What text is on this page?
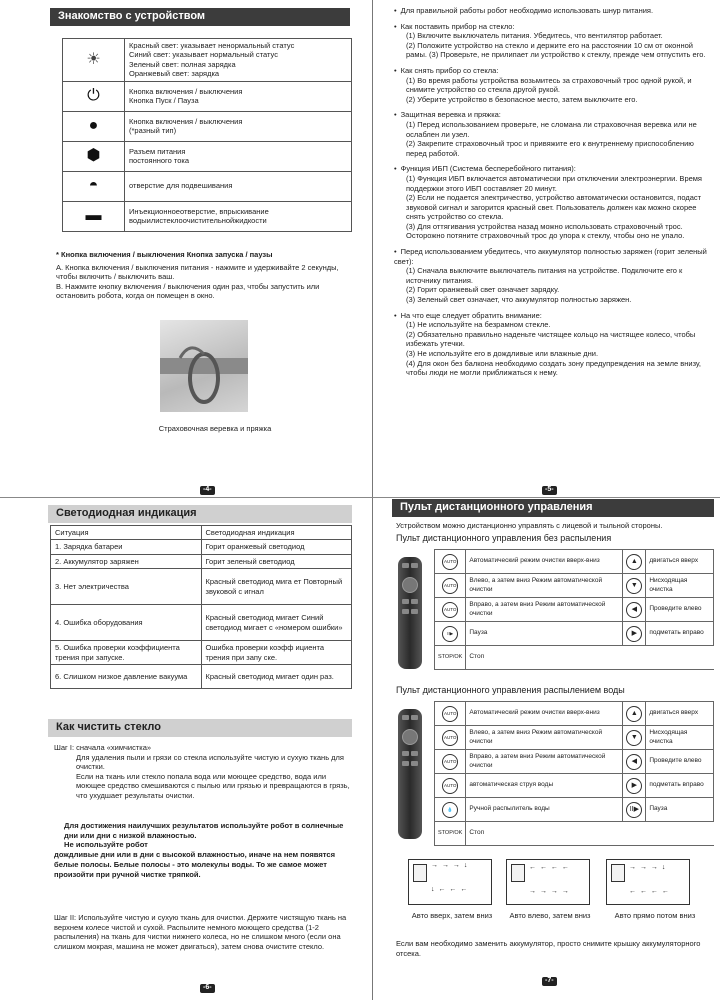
Знакомство с устройством
☀	Красный свет: указывает ненормальный статус
Синий свет: указывает нормальный статус
Зеленый свет: полная зарядка
Оранжевый свет: зарядка

⏻	Кнопка включения / выключения
Кнопка Пуск / Пауза

●	Кнопка включения / выключения
(*разный тип)

⬢	Разъем питания
постоянного тока

◓	отверстие для подвешивания

▬	Инъекционноеотверстие, впрыскивание
водыилистеклоочистительнойжидкости

* Кнопка включения / выключения Кнопка запуска / паузы

A. Кнопка включения / выключения питания - нажмите и удерживайте 2 секунды, чтобы включить / выключить ваш.

B. Нажмите кнопку включения / выключения один раз, чтобы запустить или остановить робота, когда он помещен в окно.

Страховочная веревка и пряжка
-4-

• Для правильной работы робот необходимо использовать шнур питания.

• Как поставить прибор на стекло:

(1) Включите выключатель питания. Убедитесь, что вентилятор работает.

(2) Положите устройство на стекло и держите его на расстоянии 10 см от оконной рамы. (3) Проверьте, не прилипает ли устройство к стеклу, прежде чем отпустить его.

• Как снять прибор со стекла:

(1) Во время работы устройства возьмитесь за страховочный трос одной рукой, и снимите устройство со стекла другой рукой.

(2) Уберите устройство в безопасное место, затем выключите его.

• Защитная веревка и пряжка:

(1) Перед использованием проверьте, не сломана ли страховочная веревка или не ослаблен ли узел.

(2) Закрепите страховочный трос и привяжите его к внутреннему приспособлению перед работой.

• Функция ИБП (Система бесперебойного питания):

(1) Функция ИБП включается автоматически при отключении электроэнергии. Время поддержки этого ИБП составляет 20 минут.

(2) Если не подается электричество, устройство автоматически остановится, подаст звуковой сигнал и загорится красный свет. Пользователь должен как можно скорее снять устройство со стекла.

(3) Для оттягивания устройства назад можно использовать страховочный трос. Осторожно потяните страховочный трос до упора к стеклу, чтобы оно не упало.

• Перед использованием убедитесь, что аккумулятор полностью заряжен (горит зеленый свет):

(1) Сначала выключите выключатель питания на устройстве. Подключите его к источнику питания.

(2) Горит оранжевый свет означает зарядку.

(3) Зеленый свет означает, что аккумулятор полностью заряжен.

• На что еще следует обратить внимание:

(1) Не используйте на безрамном стекле.

(2) Обязательно правильно наденьте чистящее кольцо на чистящее колесо, чтобы избежать утечки.

(3) Не используйте его в дождливые или влажные дни.

(4) Для окон без балкона необходимо создать зону предупреждения на земле внизу, чтобы люди не могли приближаться к нему.

-5-
Светодиодная индикация
Ситуация	Светодиодная индикация
1. Зарядка батареи	Горит оранжевый светодиод
2. Аккумулятор заряжен	Горит зеленый светодиод
3. Нет электричества	Красный светодиод мига ет Повторный звуковой с игнал
4. Ошибка оборудования	Красный светодиод мигает Синий светодиод мигает с «номером ошибки»
5. Ошибка проверки коэффициента трения при запуске.	Ошибка проверки коэфф ициента трения при запу ске.
6. Слишком низкое давление вакуума	Красный светодиод мигает один раз.
Как чистить стекло

Шаг I: сначала «химчистка»

Для удаления пыли и грязи со стекла используйте чистую и сухую ткань для очистки.

Если на ткань или стекло попала вода или моющее средство, вода или моющее средство смешиваются с пылью или грязью и превращаются в грязь, что ухудшает результаты очистки.

Для достижения наилучших результатов используйте робот в солнечные дни или дни с низкой влажностью.

Не используйте робот

дождливые дни или в дни с высокой влажностью, иначе на нем появятся белые полосы. Белые полосы - это молекулы воды. То же самое может произойти при ручной чистке тряпкой.

Шаг II: Используйте чистую и сухую ткань для очистки. Держите чистящую ткань на верхнем колесе чистой и сухой. Распылите немного моющего средства (1-2 распыления) на ткань для чистки нижнего колеса, но не слишком много (если она слишком мокрая, машина не может двигаться), затем снова очистите стекло.
-6-
Пульт дистанционного управления
Устройством можно дистанционно управлять с лицевой и тыльной стороны.
Пульт дистанционного управления без распыления
AUTO	Автоматический режим очистки вверх-вниз	▲	двигаться вверх
AUTO	Влево, а затем вниз Режим автоматической очистки	▼	Нисходящая очистка
AUTO	Вправо, а затем вниз Режим автоматической очистки	◀	Проведите влево
II▶	Пауза	▶	подметать вправо
STOP/OK	Стоп		
Пульт дистанционного управления распылением воды
AUTO	Автоматический режим очистки вверх-вниз	▲	двигаться вверх
AUTO	Влево, а затем вниз Режим автоматической очистки	▼	Нисходящая очистка
AUTO	Вправо, а затем вниз Режим автоматической очистки	◀	Проведите влево
AUTO	автоматическая струя воды	▶	подметать вправо
💧	Ручной распылитель воды	II▶	Пауза
STOP/OK	Стоп		
→ → → ↓
↓ ← ← ←
← ← ← ←
→ → → →
→ → → ↓
← ← ← ←
Авто вверх, затем вниз	Авто влево, затем вниз	Авто прямо потом вниз
Если вам необходимо заменить аккумулятор, просто снимите крышку аккумуляторного отсека.
-7-
